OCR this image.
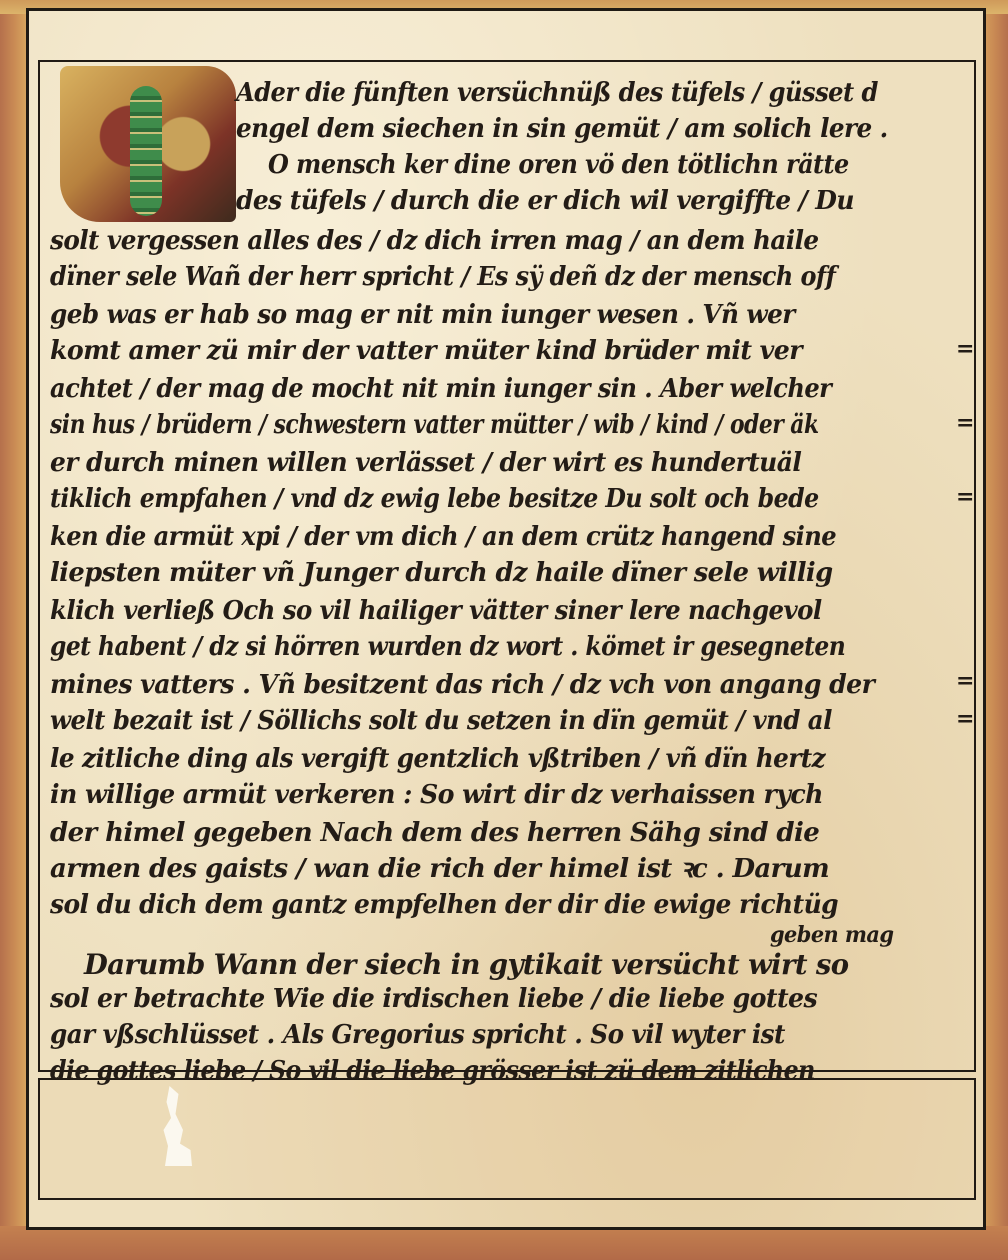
Ader die fünften versüchnüß des tüfels / güsset d
engel dem siechen in sin gemüt / am solich lere .
O mensch ker dine oren vö den tötlichn rätte
des tüfels / durch die er dich wil vergiffte / Du
solt vergessen alles des / dz dich irren mag / an dem haile
dïner sele Wañ der herr spricht / Es sÿ deñ dz der mensch off
geb was er hab so mag er nit min iunger wesen . Vñ wer
komt amer zü mir der vatter müter kind brüder mit ver
achtet / der mag de mocht nit min iunger sin . Aber welcher
sin hus / brüdern / schwestern vatter mütter / wib / kind / oder äk
er durch minen willen verlässet / der wirt es hundertuäl
tiklich empfahen / vnd dz ewig lebe besitze Du solt och bede
ken die armüt xpi / der vm dich / an dem crütz hangend sine
liepsten müter vñ Junger durch dz haile dïner sele willig
klich verließ Och so vil hailiger vätter siner lere nachgevol
get habent / dz si hörren wurden dz wort . kömet ir gesegneten
mines vatters . Vñ besitzent das rich / dz vch von angang der
welt bezait ist / Söllichs solt du setzen in dïn gemüt / vnd al
le zitliche ding als vergift gentzlich vßtriben / vñ dïn hertz
in willige armüt verkeren : So wirt dir dz verhaissen rych
der himel gegeben Nach dem des herren Sähg sind die
armen des gaists / wan die rich der himel ist ꝛc . Darum
sol du dich dem gantz empfelhen der dir die ewige richtüg
geben mag
Darumb Wann der siech in gytikait versücht wirt so
sol er betrachte Wie die irdischen liebe / die liebe gottes
gar vßschlüsset . Als Gregorius spricht . So vil wyter ist
die gottes liebe / So vil die liebe grösser ist zü dem zitlichen
=
=
=
=
=
